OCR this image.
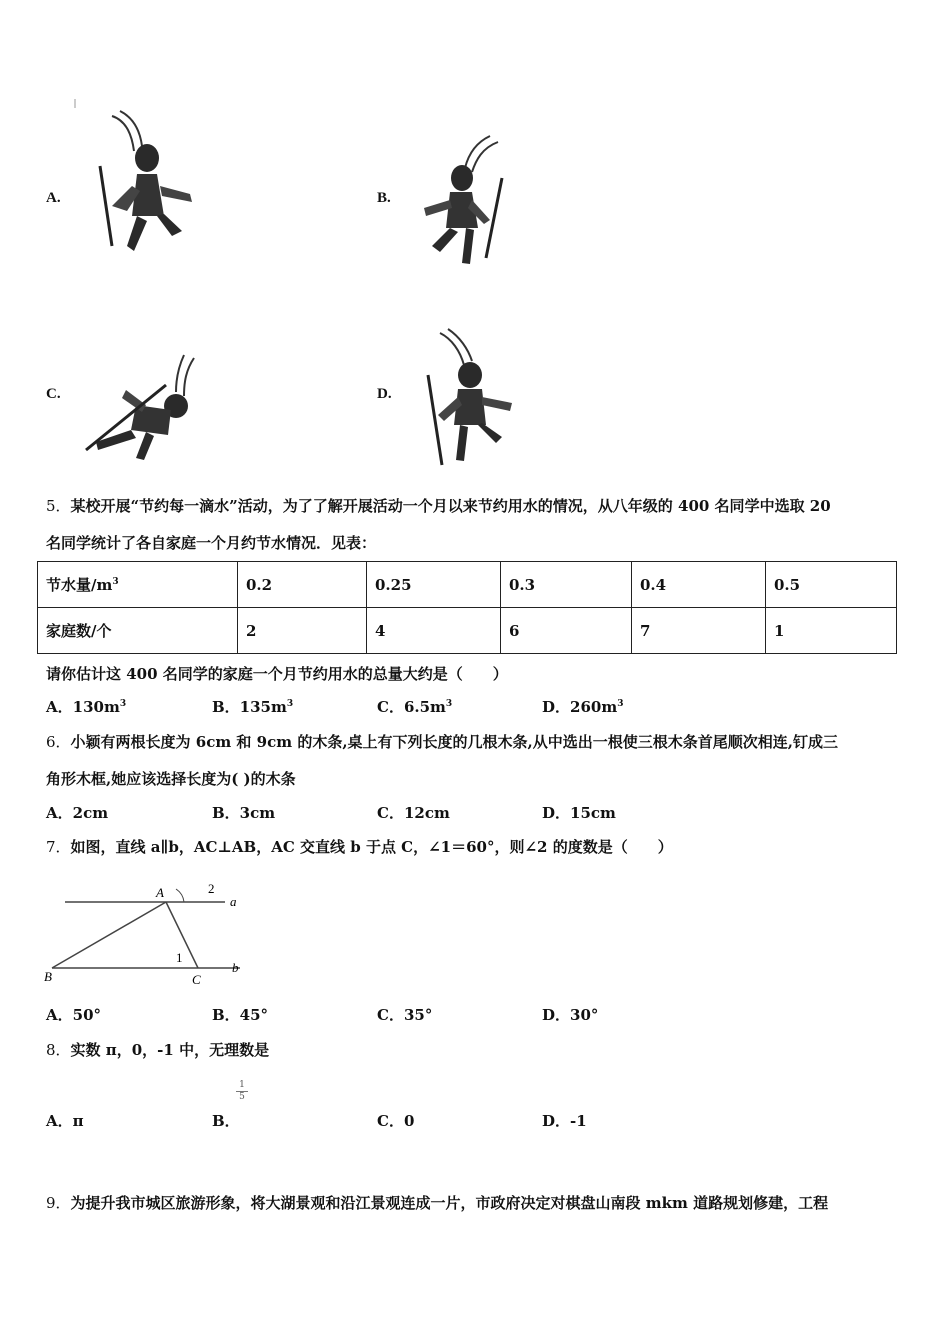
A.	B.
C.	D.
5．某校开展“节约每一滴水”活动，为了了解开展活动一个月以来节约用水的情况，从八年级的 400 名同学中选取 20
名同学统计了各自家庭一个月约节水情况．见表：
节水量$/m^3$	0.2	0.25	0.3	0.4	0.5
家庭数/个	2	4	6	7	1
请你估计这 400 名同学的家庭一个月节约用水的总量大约是（　　）
A．$130m^3$	B．$135m^3$	C．$6.5m^3$	D．$260m^3$
6．小颖有两根长度为 6cm 和 9cm 的木条,桌上有下列长度的几根木条,从中选出一根使三根木条首尾顺次相连,钉成三
角形木框,她应该选择长度为( )的木条
A．2cm	B．3cm	C．12cm	D．15cm
7．如图，直线 a∥b，AC⊥AB，AC 交直线 b 于点 C，∠1＝60°，则∠2 的度数是（　　）
A	2
a
B
1
C
b
A．50°	B．45°	C．35°	D．30°
8．实数 π，0，-1 中，无理数是
$\frac{1}{5}$
A．π	B．	C．0	D．-1
9．为提升我市城区旅游形象，将大湖景观和沿江景观连成一片，市政府决定对棋盘山南段 mkm 道路规划修建，工程
